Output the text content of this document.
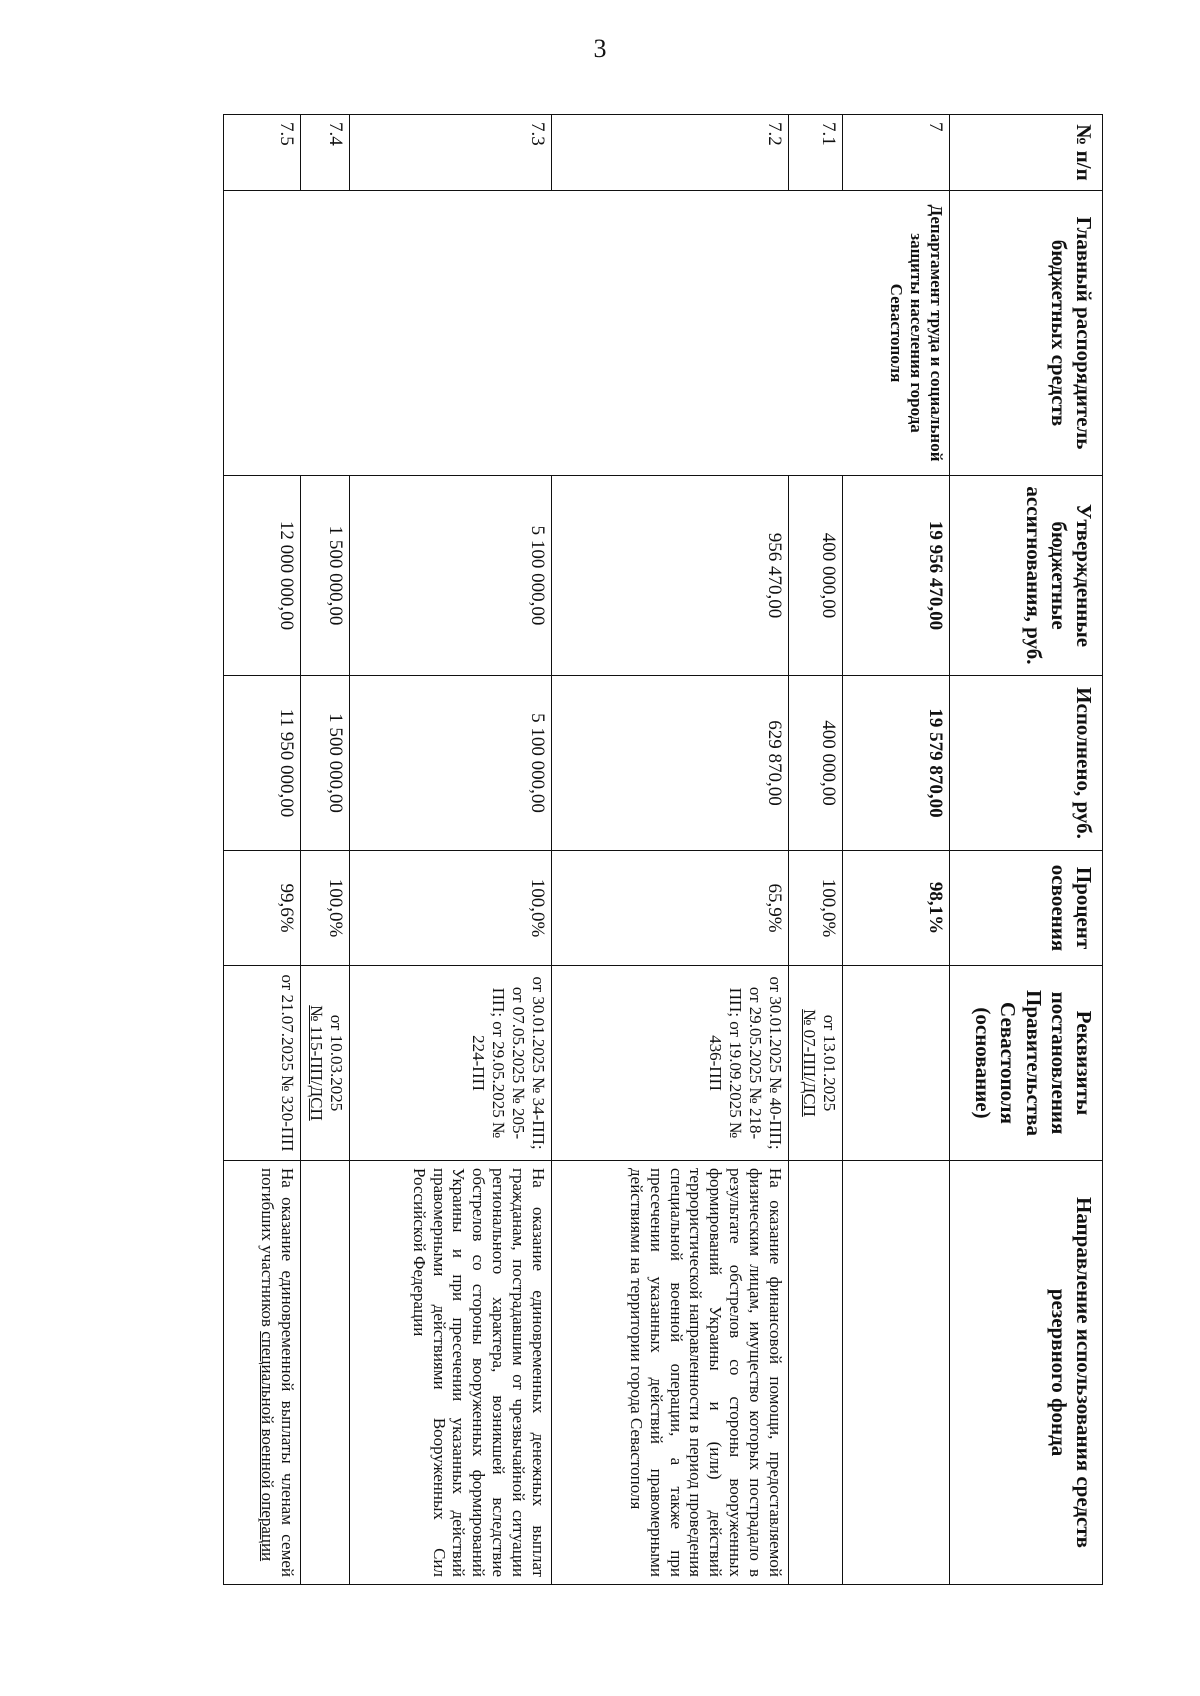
3
№ п/п	Главный распорядитель бюджетных средств	Утвержденные бюджетные ассигнования, руб.	Исполнено, руб.	Процент освоения	Реквизиты постановления Правительства Севастополя (основание)	Направление использования средств резервного фонда
7	Департамент труда и социальной защиты населения города Севастополя	19 956 470,00	19 579 870,00	98,1%		
7.1		400 000,00	400 000,00	100,0%	от 13.01.2025
№ 07-ПП/ДСП	

7.2		956 470,00	629 870,00	65,9%	от 30.01.2025 № 40-ПП; от 29.05.2025 № 218-ПП; от 19.09.2025 № 436-ПП	На оказание финансовой помощи, предоставляемой физическим лицам, имущество которых пострадало в результате обстрелов со стороны вооруженных формирований Украины и (или) действий террористической направленности в период проведения специальной военной операции, а также при пресечении указанных действий правомерными действиями на территории города Севастополя
7.3		5 100 000,00	5 100 000,00	100,0%	от 30.01.2025 № 34-ПП; от 07.05.2025 № 205-ПП; от 29.05.2025 № 224-ПП	На оказание единовременных денежных выплат гражданам, пострадавшим от чрезвычайной ситуации регионального характера, возникшей вследствие обстрелов со стороны вооруженных формирований Украины и при пресечении указанных действий правомерными действиями Вооруженных Сил Российской Федерации
7.4		1 500 000,00	1 500 000,00	100,0%	от 10.03.2025
№ 115-ПП/ДСП	

7.5		12 000 000,00	11 950 000,00	99,6%	от 21.07.2025 № 320-ПП	На оказание единовременной выплаты членам семей погибших участников специальной военной операции
